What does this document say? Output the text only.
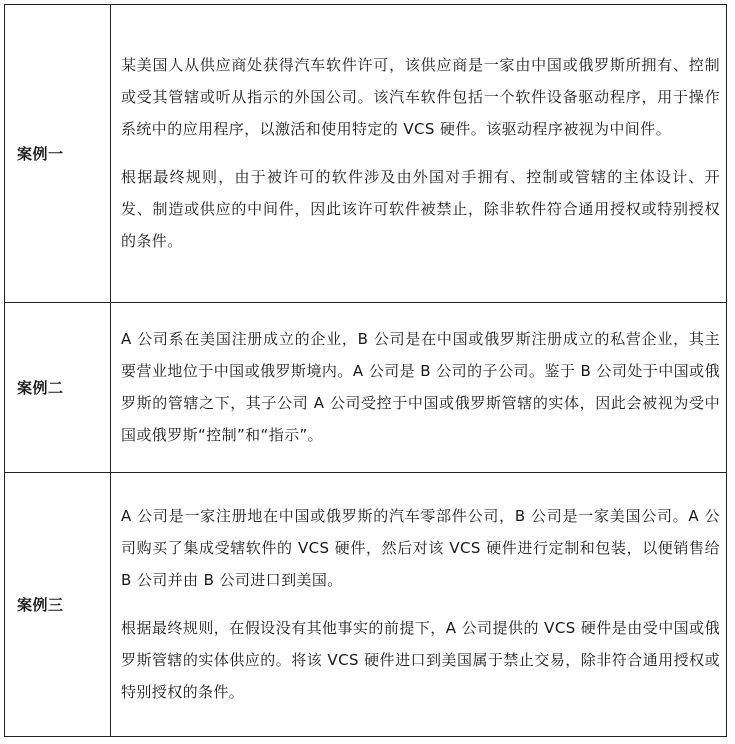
案例一	某美国人从供应商处获得汽车软件许可，该供应商是一家由中国或俄罗斯所拥有、控制或受其管辖或听从指示的外国公司。该汽车软件包括一个软件设备驱动程序，用于操作系统中的应用程序，以激活和使用特定的 VCS 硬件。该驱动程序被视为中间件。

根据最终规则，由于被许可的软件涉及由外国对手拥有、控制或管辖的主体设计、开发、制造或供应的中间件，因此该许可软件被禁止，除非软件符合通用授权或特别授权的条件。

案例二	A 公司系在美国注册成立的企业，B 公司是在中国或俄罗斯注册成立的私营企业，其主要营业地位于中国或俄罗斯境内。A 公司是 B 公司的子公司。鉴于 B 公司处于中国或俄罗斯的管辖之下，其子公司 A 公司受控于中国或俄罗斯管辖的实体，因此会被视为受中国或俄罗斯“控制”和“指示”。

案例三	A 公司是一家注册地在中国或俄罗斯的汽车零部件公司，B 公司是一家美国公司。A 公司购买了集成受辖软件的 VCS 硬件，然后对该 VCS 硬件进行定制和包装，以便销售给 B 公司并由 B 公司进口到美国。

根据最终规则，在假设没有其他事实的前提下，A 公司提供的 VCS 硬件是由受中国或俄罗斯管辖的实体供应的。将该 VCS 硬件进口到美国属于禁止交易，除非符合通用授权或特别授权的条件。
